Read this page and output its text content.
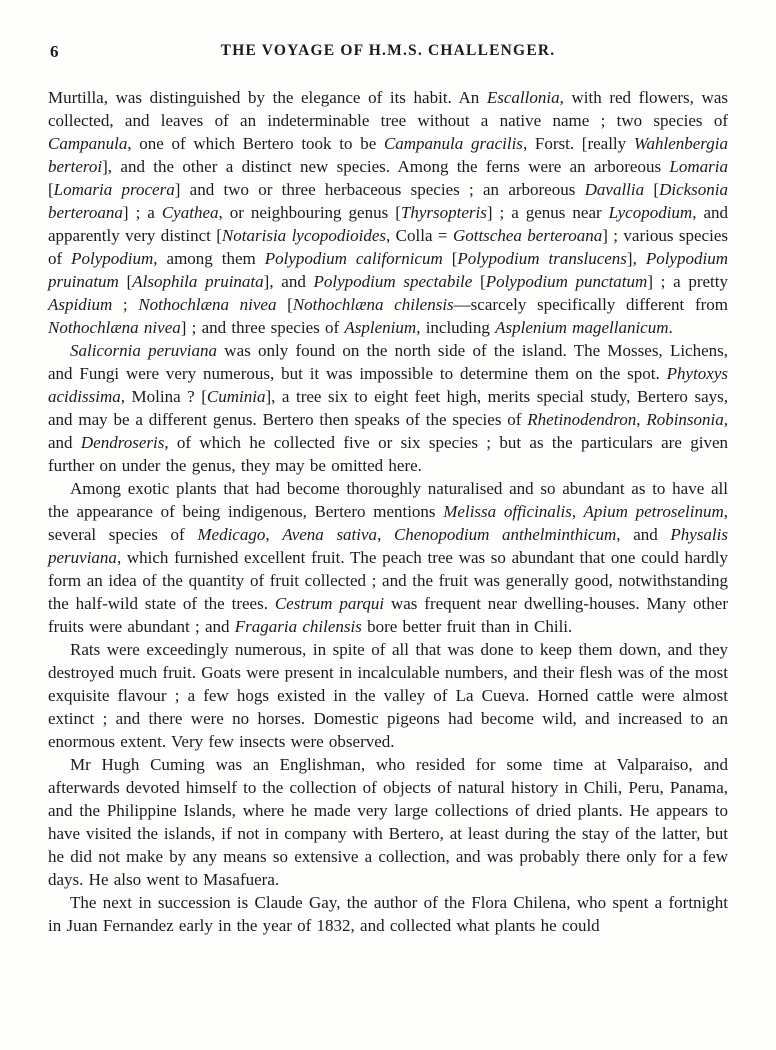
6	THE VOYAGE OF H.M.S. CHALLENGER.

Murtilla, was distinguished by the elegance of its habit. An Escallonia, with red flowers, was collected, and leaves of an indeterminable tree without a native name ; two species of Campanula, one of which Bertero took to be Campanula gracilis, Forst. [really Wahlenbergia berteroi], and the other a distinct new species. Among the ferns were an arboreous Lomaria [Lomaria procera] and two or three herbaceous species ; an arboreous Davallia [Dicksonia berteroana] ; a Cyathea, or neighbouring genus [Thyrsopteris] ; a genus near Lycopodium, and apparently very distinct [Notarisia lycopodioides, Colla = Gottschea berteroana] ; various species of Polypodium, among them Polypodium californicum [Polypodium translucens], Polypodium pruinatum [Alsophila pruinata], and Polypodium spectabile [Polypodium punctatum] ; a pretty Aspidium ; Nothochlæna nivea [Nothochlæna chilensis—scarcely specifically different from Nothochlæna nivea] ; and three species of Asplenium, including Asplenium magellanicum.

Salicornia peruviana was only found on the north side of the island. The Mosses, Lichens, and Fungi were very numerous, but it was impossible to determine them on the spot. Phytoxys acidissima, Molina ? [Cuminia], a tree six to eight feet high, merits special study, Bertero says, and may be a different genus. Bertero then speaks of the species of Rhetinodendron, Robinsonia, and Dendroseris, of which he collected five or six species ; but as the particulars are given further on under the genus, they may be omitted here.

Among exotic plants that had become thoroughly naturalised and so abundant as to have all the appearance of being indigenous, Bertero mentions Melissa officinalis, Apium petroselinum, several species of Medicago, Avena sativa, Chenopodium anthelminthicum, and Physalis peruviana, which furnished excellent fruit. The peach tree was so abundant that one could hardly form an idea of the quantity of fruit collected ; and the fruit was generally good, notwithstanding the half-wild state of the trees. Cestrum parqui was frequent near dwelling-houses. Many other fruits were abundant ; and Fragaria chilensis bore better fruit than in Chili.

Rats were exceedingly numerous, in spite of all that was done to keep them down, and they destroyed much fruit. Goats were present in incalculable numbers, and their flesh was of the most exquisite flavour ; a few hogs existed in the valley of La Cueva. Horned cattle were almost extinct ; and there were no horses. Domestic pigeons had become wild, and increased to an enormous extent. Very few insects were observed.

Mr Hugh Cuming was an Englishman, who resided for some time at Valparaiso, and afterwards devoted himself to the collection of objects of natural history in Chili, Peru, Panama, and the Philippine Islands, where he made very large collections of dried plants. He appears to have visited the islands, if not in company with Bertero, at least during the stay of the latter, but he did not make by any means so extensive a collection, and was probably there only for a few days. He also went to Masafuera.

The next in succession is Claude Gay, the author of the Flora Chilena, who spent a fortnight in Juan Fernandez early in the year of 1832, and collected what plants he could
